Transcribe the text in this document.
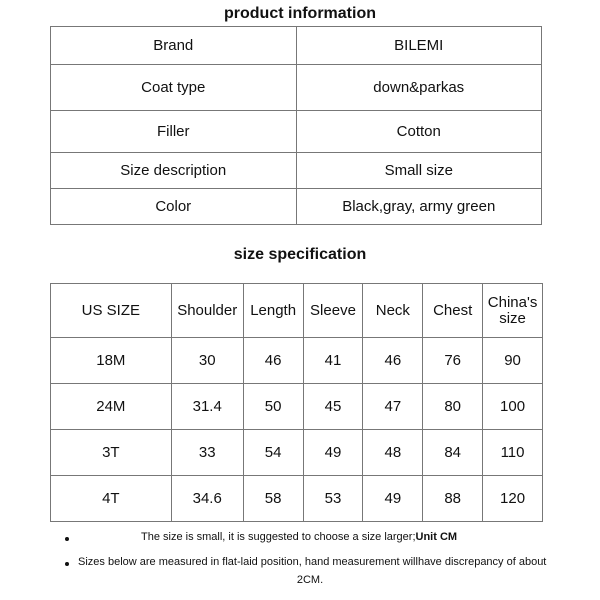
product information
Brand	BILEMI
Coat type	down&parkas
Filler	Cotton
Size description	Small size
Color	Black,gray, army green
size specification
US SIZE	Shoulder	Length	Sleeve	Neck	Chest	China's
size
18M	30	46	41	46	76	90
24M	31.4	50	45	47	80	100
3T	33	54	49	48	84	110
4T	34.6	58	53	49	88	120
The size is small, it is suggested to choose a size larger;Unit CM
Sizes below are measured in flat-laid position, hand measurement willhave discrepancy of about
2CM.
